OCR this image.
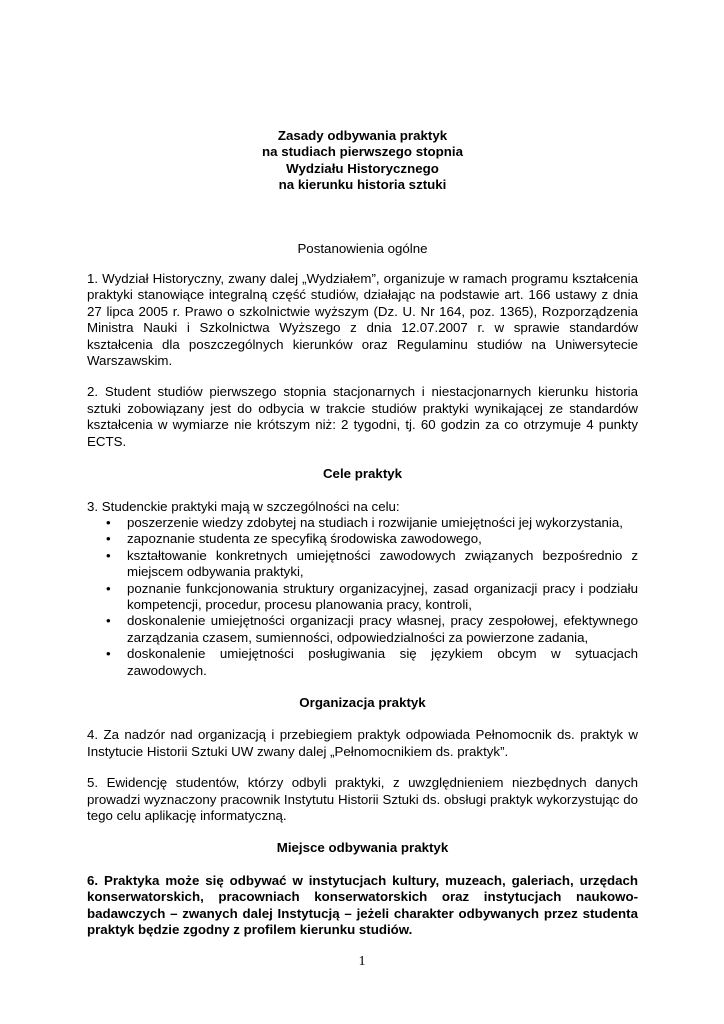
Zasady odbywania praktyk
na studiach pierwszego stopnia
Wydziału Historycznego
na kierunku historia sztuki
Postanowienia ogólne

1. Wydział Historyczny, zwany dalej „Wydziałem”, organizuje w ramach programu kształcenia praktyki stanowiące integralną część studiów, działając na podstawie art. 166 ustawy z dnia 27 lipca 2005 r. Prawo o szkolnictwie wyższym (Dz. U. Nr 164, poz. 1365), Rozporządzenia Ministra Nauki i Szkolnictwa Wyższego z dnia 12.07.2007 r. w sprawie standardów kształcenia dla poszczególnych kierunków oraz Regulaminu studiów na Uniwersytecie Warszawskim.

2. Student studiów pierwszego stopnia stacjonarnych i niestacjonarnych kierunku historia sztuki zobowiązany jest do odbycia w trakcie studiów praktyki wynikającej ze standardów kształcenia w wymiarze nie krótszym niż: 2 tygodni, tj. 60 godzin za co otrzymuje 4 punkty ECTS.

Cele praktyk
3. Studenckie praktyki mają w szczególności na celu:
• poszerzenie wiedzy zdobytej na studiach i rozwijanie umiejętności jej wykorzystania,
• zapoznanie studenta ze specyfiką środowiska zawodowego,
• kształtowanie konkretnych umiejętności zawodowych związanych bezpośrednio z miejscem odbywania praktyki,
• poznanie funkcjonowania struktury organizacyjnej, zasad organizacji pracy i podziału kompetencji, procedur, procesu planowania pracy, kontroli,
• doskonalenie umiejętności organizacji pracy własnej, pracy zespołowej, efektywnego zarządzania czasem, sumienności, odpowiedzialności za powierzone zadania,
• doskonalenie umiejętności posługiwania się językiem obcym w sytuacjach zawodowych.
Organizacja praktyk

4. Za nadzór nad organizacją i przebiegiem praktyk odpowiada Pełnomocnik ds. praktyk w Instytucie Historii Sztuki UW zwany dalej „Pełnomocnikiem ds. praktyk”.

5. Ewidencję studentów, którzy odbyli praktyki, z uwzględnieniem niezbędnych danych prowadzi wyznaczony pracownik Instytutu Historii Sztuki ds. obsługi praktyk wykorzystując do tego celu aplikację informatyczną.

Miejsce odbywania praktyk

6. Praktyka może się odbywać w instytucjach kultury, muzeach, galeriach, urzędach konserwatorskich, pracowniach konserwatorskich oraz instytucjach naukowo-badawczych – zwanych dalej Instytucją – jeżeli charakter odbywanych przez studenta praktyk będzie zgodny z profilem kierunku studiów.

1
